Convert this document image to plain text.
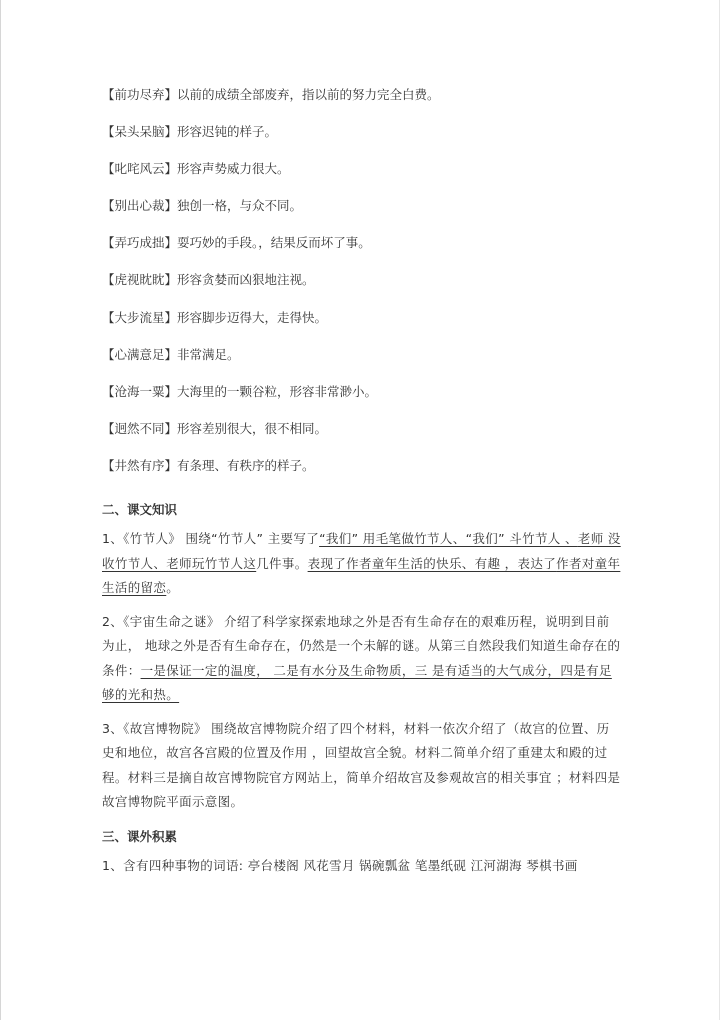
【前功尽弃】以前的成绩全部废弃，指以前的努力完全白费。
【呆头呆脑】形容迟钝的样子。
【叱咤风云】形容声势威力很大。
【别出心裁】独创一格，与众不同。
【弄巧成拙】耍巧妙的手段。，结果反而坏了事。
【虎视眈眈】形容贪婪而凶狠地注视。
【大步流星】形容脚步迈得大，走得快。
【心满意足】非常满足。
【沧海一粟】大海里的一颗谷粒，形容非常渺小。
【迥然不同】形容差别很大，很不相同。
【井然有序】有条理、有秩序的样子。
二、课文知识
1、《竹节人》 围绕“竹节人” 主要写了“我们” 用毛笔做竹节人、“我们” 斗竹节人 、老师 没收竹节人、老师玩竹节人这几件事。表现了作者童年生活的快乐、有趣 ，表达了作者对童年生活的留恋。
2、《宇宙生命之谜》 介绍了科学家探索地球之外是否有生命存在的艰难历程，说明到目前为止， 地球之外是否有生命存在，仍然是一个未解的谜。从第三自然段我们知道生命存在的条件：一是保证一定的温度， 二是有水分及生命物质，三 是有适当的大气成分，四是有足够的光和热。
3、《故宫博物院》 围绕故宫博物院介绍了四个材料，材料一依次介绍了（故宫的位置、历史和地位，故宫各宫殿的位置及作用 ，回望故宫全貌。材料二简单介绍了重建太和殿的过程。材料三是摘自故宫博物院官方网站上，简单介绍故宫及参观故宫的相关事宜 ；材料四是故宫博物院平面示意图。
三、课外积累
1、含有四种事物的词语: 亭台楼阁 风花雪月 锅碗瓢盆 笔墨纸砚 江河湖海 琴棋书画
